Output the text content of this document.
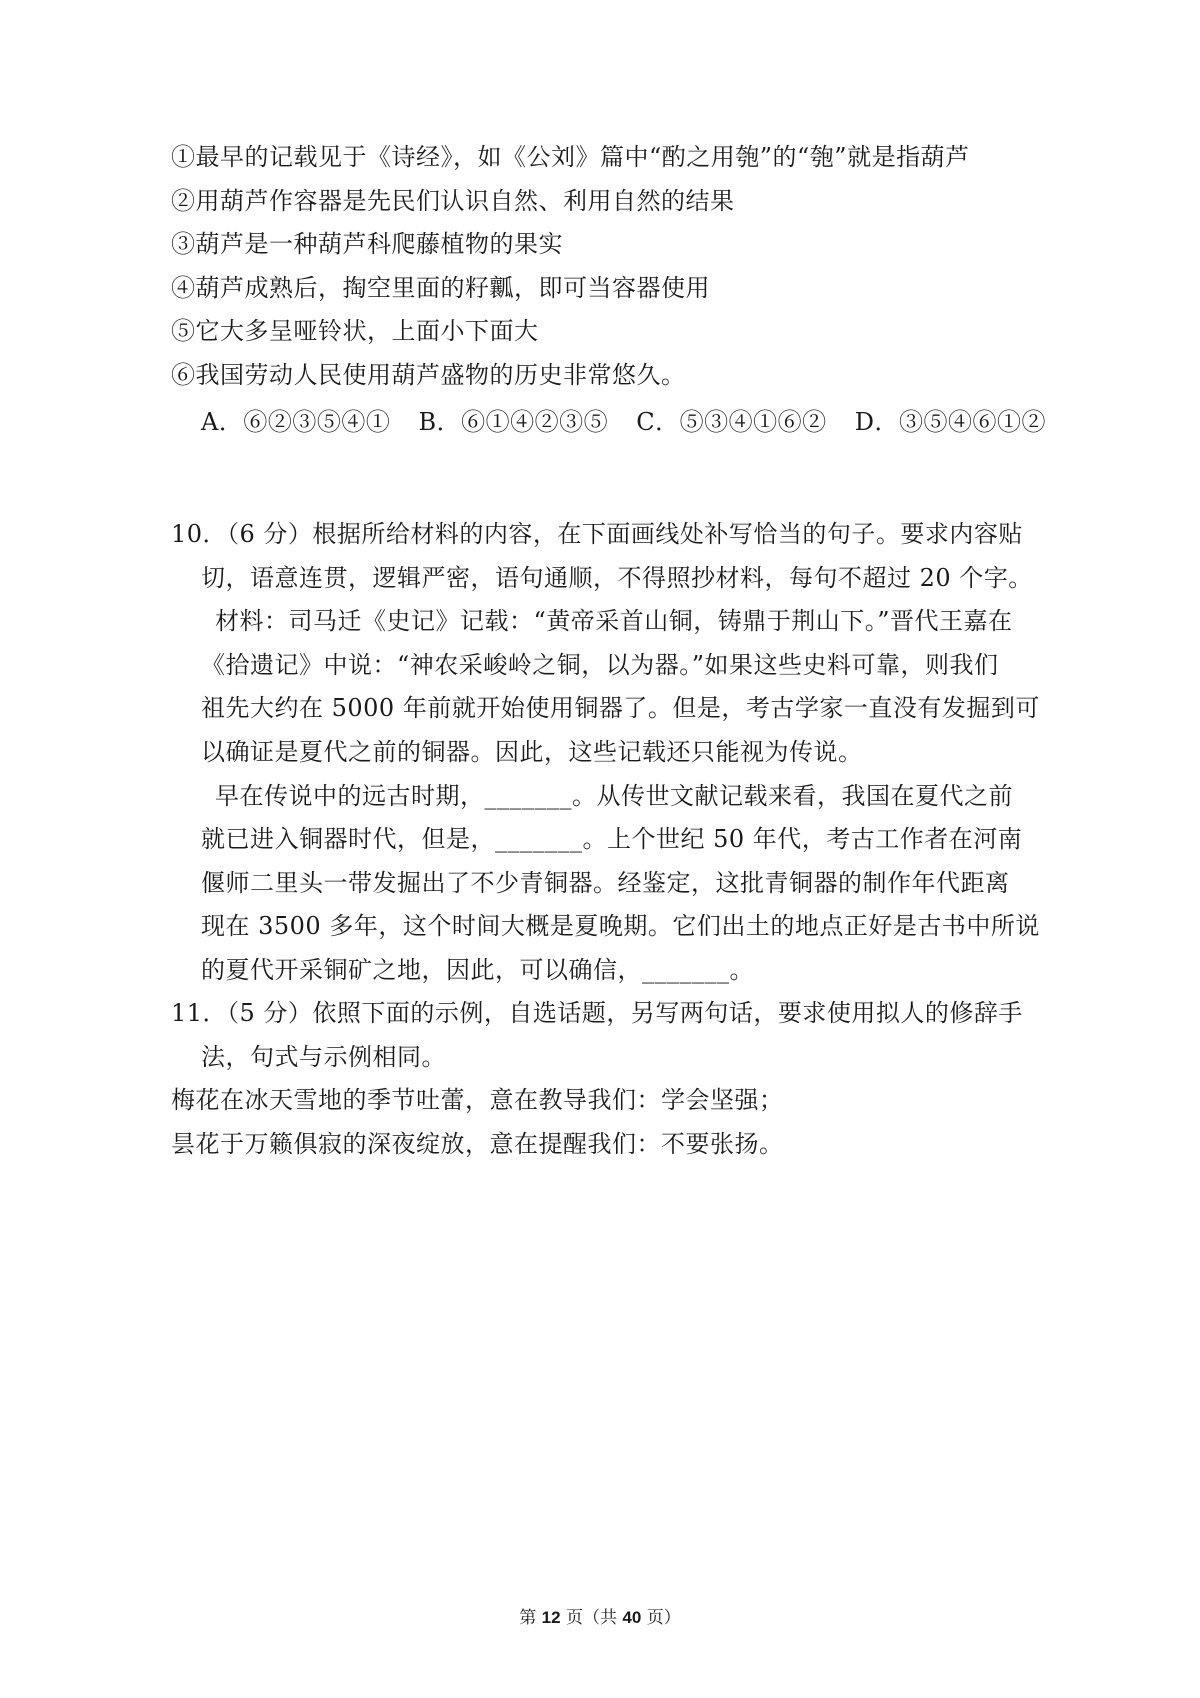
①最早的记载见于《诗经》，如《公刘》篇中“酌之用匏”的“匏”就是指葫芦
②用葫芦作容器是先民们认识自然、利用自然的结果
③葫芦是一种葫芦科爬藤植物的果实
④葫芦成熟后，掏空里面的籽瓤，即可当容器使用
⑤它大多呈哑铃状，上面小下面大
⑥我国劳动人民使用葫芦盛物的历史非常悠久。
A．⑥②③⑤④① B．⑥①④②③⑤ C．⑤③④①⑥② D．③⑤④⑥①②
10．（6 分）根据所给材料的内容，在下面画线处补写恰当的句子。要求内容贴
切，语意连贯，逻辑严密，语句通顺，不得照抄材料，每句不超过 20 个字。
材料：司马迁《史记》记载：“黄帝采首山铜，铸鼎于荆山下。”晋代王嘉在
《拾遗记》中说：“神农采峻岭之铜，以为器。”如果这些史料可靠，则我们
祖先大约在 5000 年前就开始使用铜器了。但是，考古学家一直没有发掘到可
以确证是夏代之前的铜器。因此，这些记载还只能视为传说。
早在传说中的远古时期，_______。从传世文献记载来看，我国在夏代之前
就已进入铜器时代，但是，_______。上个世纪 50 年代，考古工作者在河南
偃师二里头一带发掘出了不少青铜器。经鉴定，这批青铜器的制作年代距离
现在 3500 多年，这个时间大概是夏晚期。它们出土的地点正好是古书中所说
的夏代开采铜矿之地，因此，可以确信，_______。
11．（5 分）依照下面的示例，自选话题，另写两句话，要求使用拟人的修辞手
法，句式与示例相同。
梅花在冰天雪地的季节吐蕾，意在教导我们：学会坚强；
昙花于万籁俱寂的深夜绽放，意在提醒我们：不要张扬。
第 12 页（共 40 页）
